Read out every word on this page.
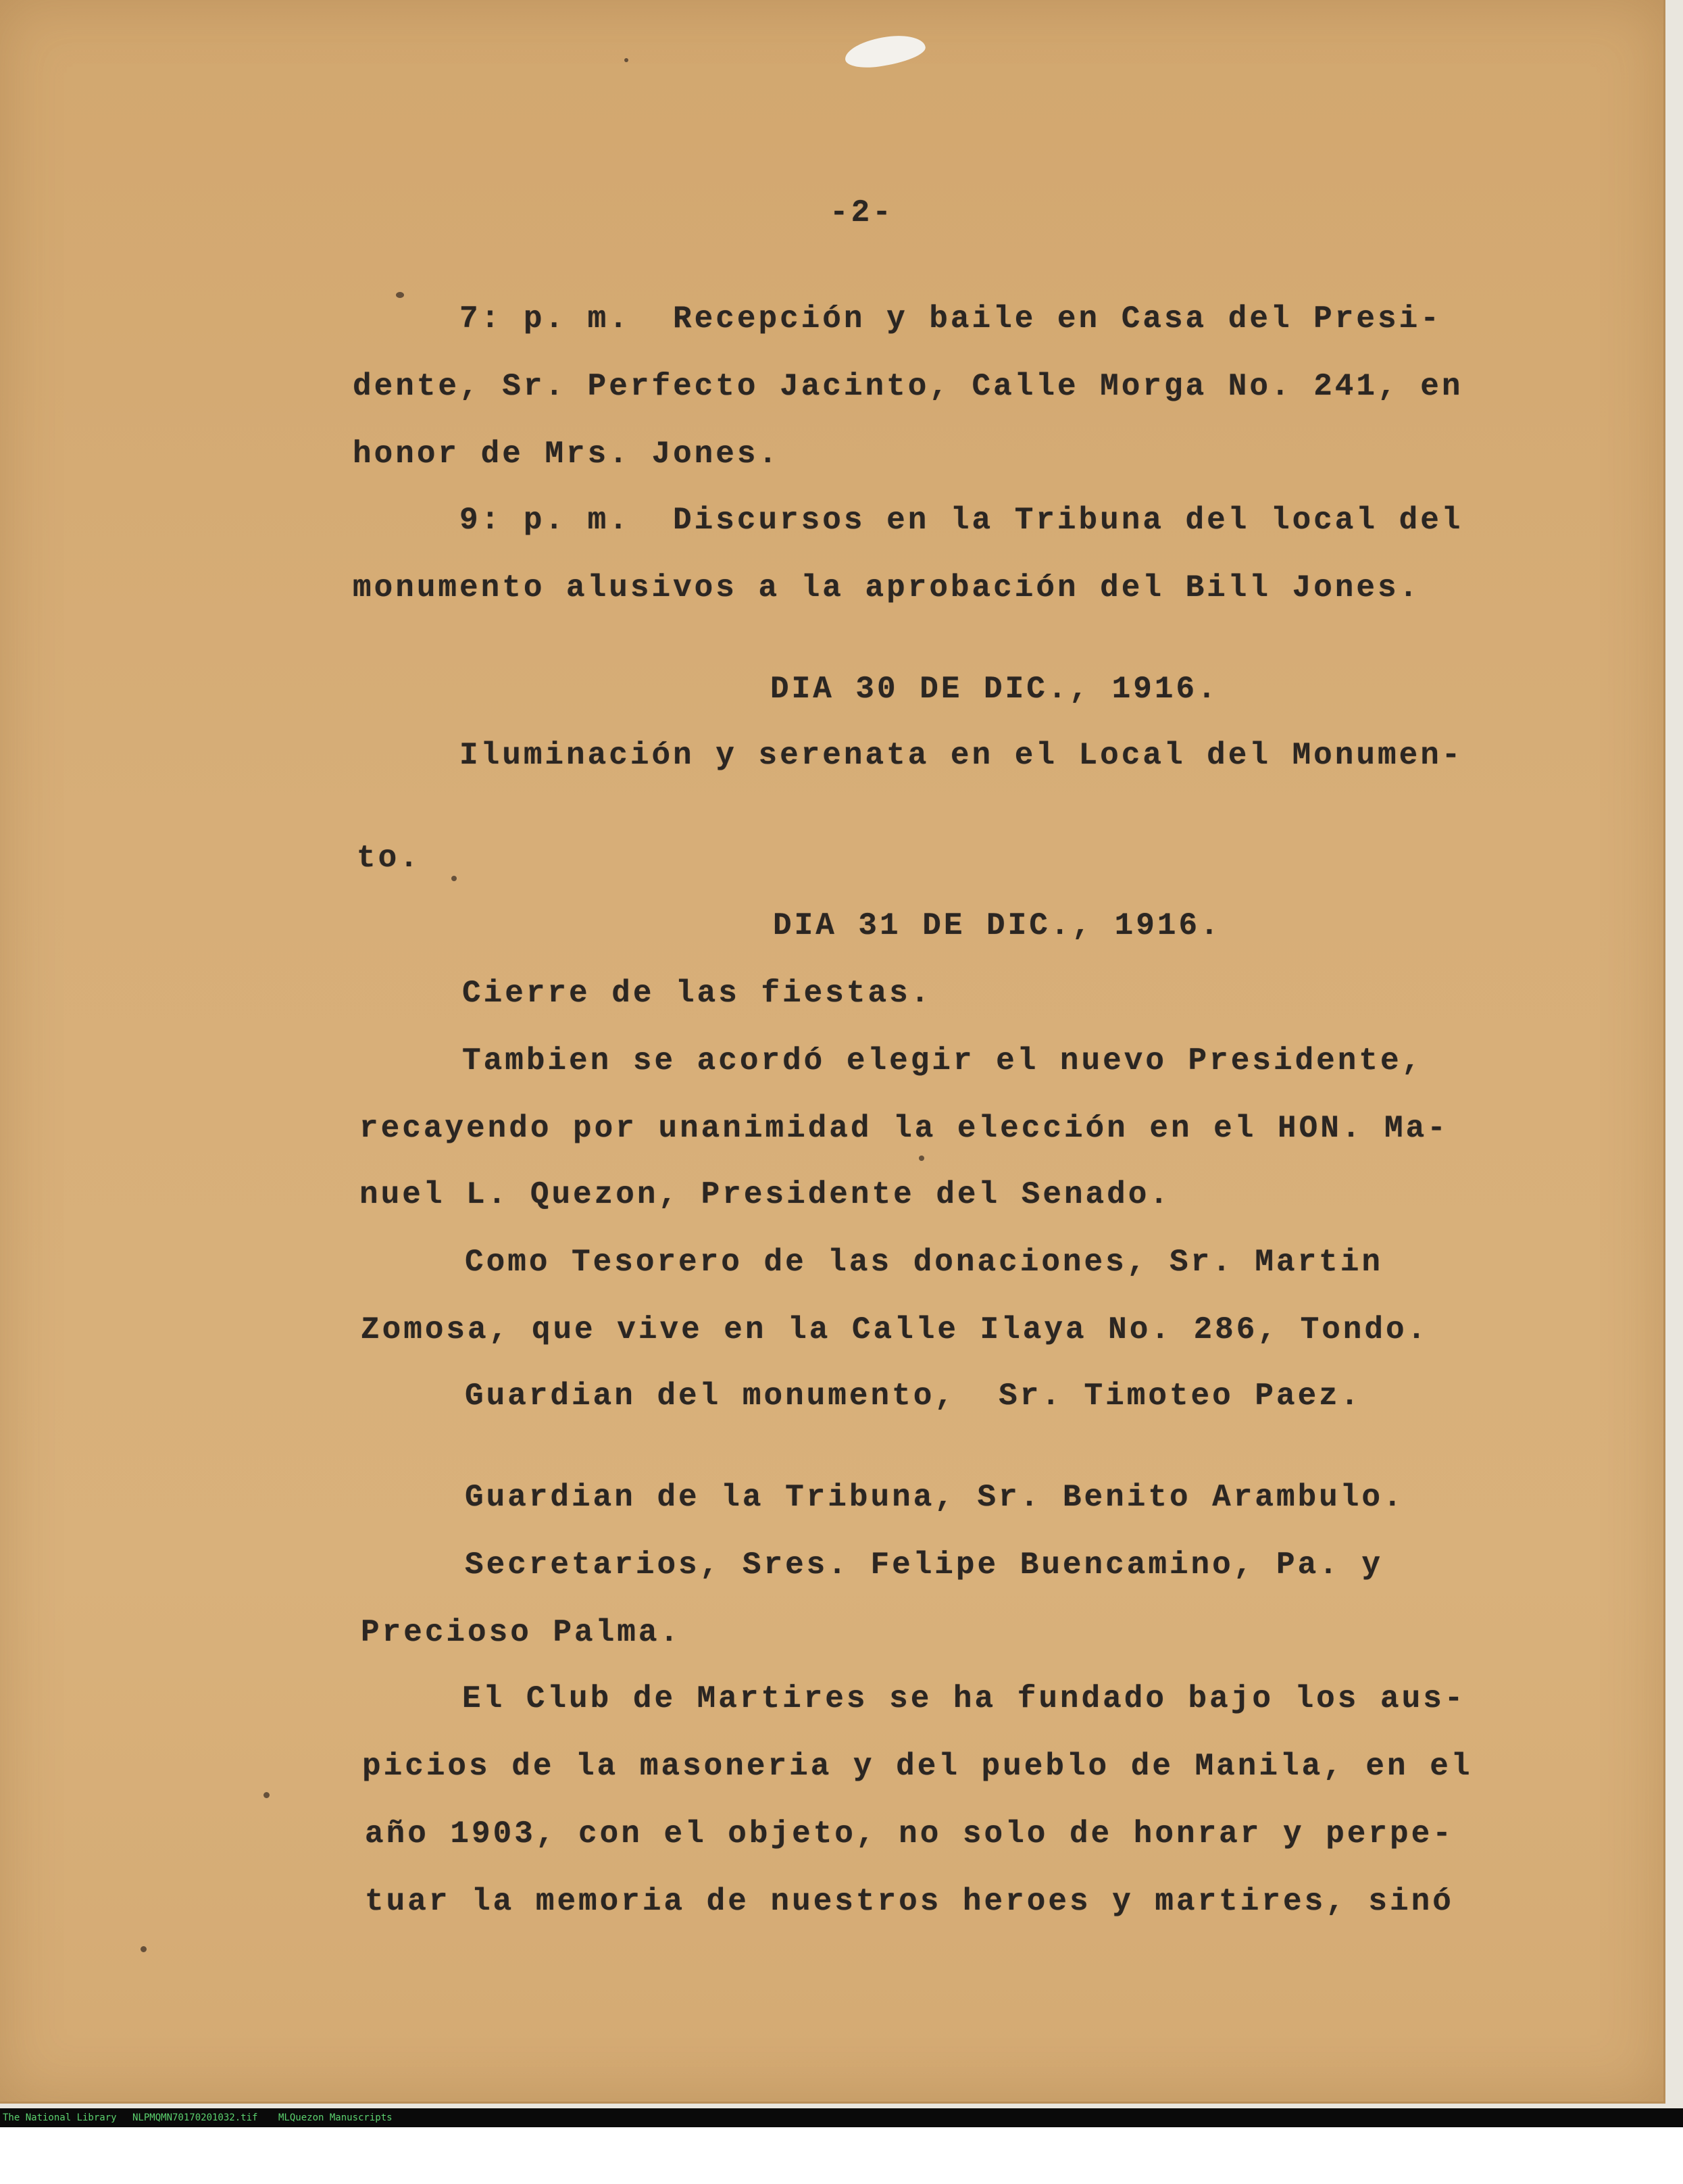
-2-

7: p. m.  Recepción y baile en Casa del Presi-

dente, Sr. Perfecto Jacinto, Calle Morga No. 241, en

honor de Mrs. Jones.

9: p. m.  Discursos en la Tribuna del local del

monumento alusivos a la aprobación del Bill Jones.

DIA 30 DE DIC., 1916.

Iluminación y serenata en el Local del Monumen-

to.

DIA 31 DE DIC., 1916.

Cierre de las fiestas.

Tambien se acordó elegir el nuevo Presidente,

recayendo por unanimidad la elección en el HON. Ma-

nuel L. Quezon, Presidente del Senado.

Como Tesorero de las donaciones, Sr. Martin

Zomosa, que vive en la Calle Ilaya No. 286, Tondo.

Guardian del monumento,  Sr. Timoteo Paez.

Guardian de la Tribuna, Sr. Benito Arambulo.

Secretarios, Sres. Felipe Buencamino, Pa. y

Precioso Palma.

El Club de Martires se ha fundado bajo los aus-

picios de la masoneria y del pueblo de Manila, en el

año 1903, con el objeto, no solo de honrar y perpe-

tuar la memoria de nuestros heroes y martires, sinó

The National Library

NLPMQMN70170201032.tif

MLQuezon Manuscripts
